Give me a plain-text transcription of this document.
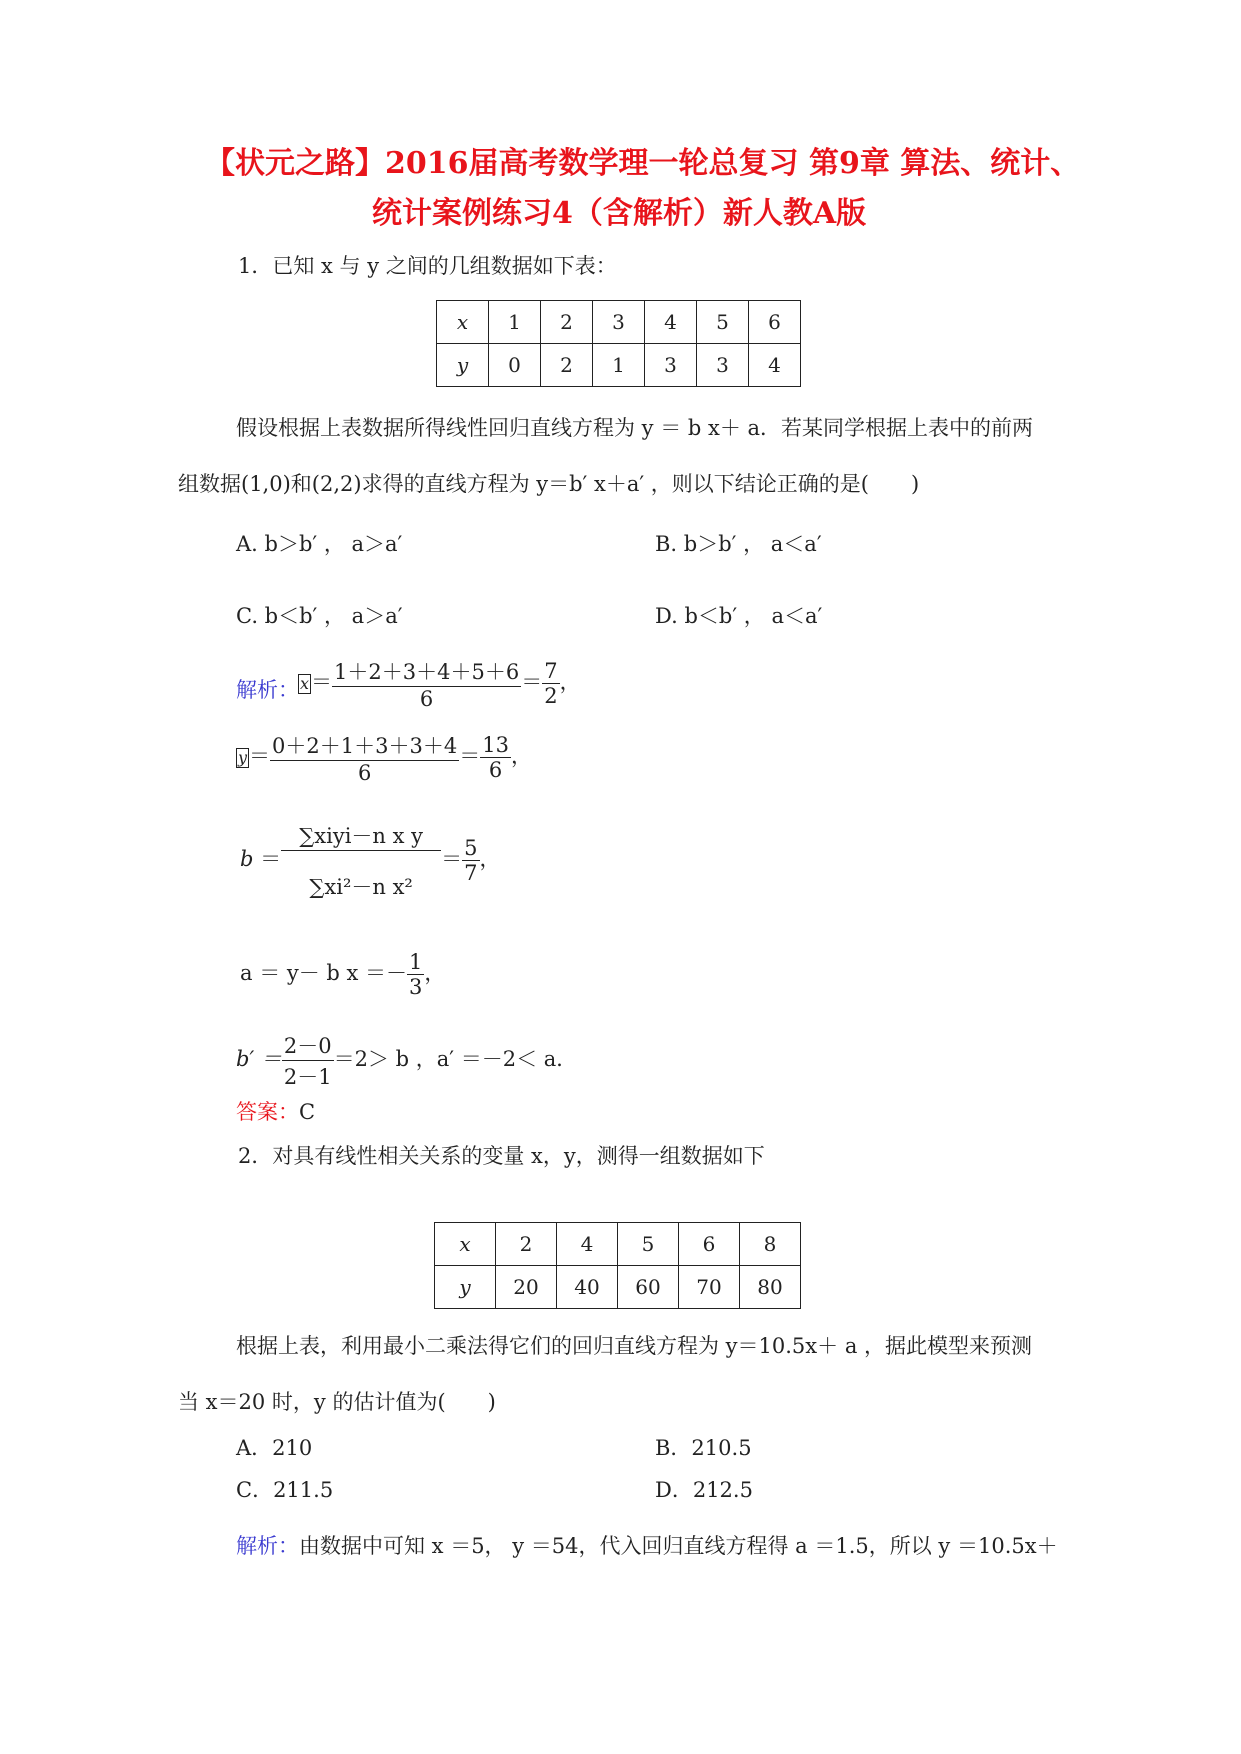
【状元之路】2016届高考数学理一轮总复习 第9章 算法、统计、
统计案例练习4（含解析）新人教A版
1．已知 x 与 y 之间的几组数据如下表：
x	1	2	3	4	5	6
y	0	2	1	3	3	4
假设根据上表数据所得线性回归直线方程为 y ＝ b x＋ a．若某同学根据上表中的前两
组数据(1,0)和(2,2)求得的直线方程为 y＝b′ x＋a′ ，则以下结论正确的是(　　)
A. b＞b′ ， a＞a′	B. b＞b′ ， a＜a′
C. b＜b′ ， a＞a′	D. b＜b′ ， a＜a′
解析： $x= \frac{1+2+3+4+5+6}{6} = \frac{7}{2}$ ，
$y= \frac{0+2+1+3+3+4}{6} = \frac{13}{6}$ ，
$b = \frac{\text{∑xiyi－n x y}}{\text{∑xi²－n x²}} = \frac{5}{7}$ ，
a ＝ y－ b $x =- \frac{1}{3}$ ，
$b' = \frac{2-0}{2-1} =2> b$ ，a′ ＝－2＜ a．
答案：C
2．对具有线性相关关系的变量 x，y，测得一组数据如下
x	2	4	5	6	8
y	20	40	60	70	80
根据上表，利用最小二乘法得它们的回归直线方程为 y＝10.5x＋ a ，据此模型来预测
当 x＝20 时，y 的估计值为(　　)
A．210	B．210.5
C．211.5	D．212.5
解析：由数据中可知 x ＝5， y ＝54，代入回归直线方程得 a ＝1.5，所以 y ＝10.5x＋
